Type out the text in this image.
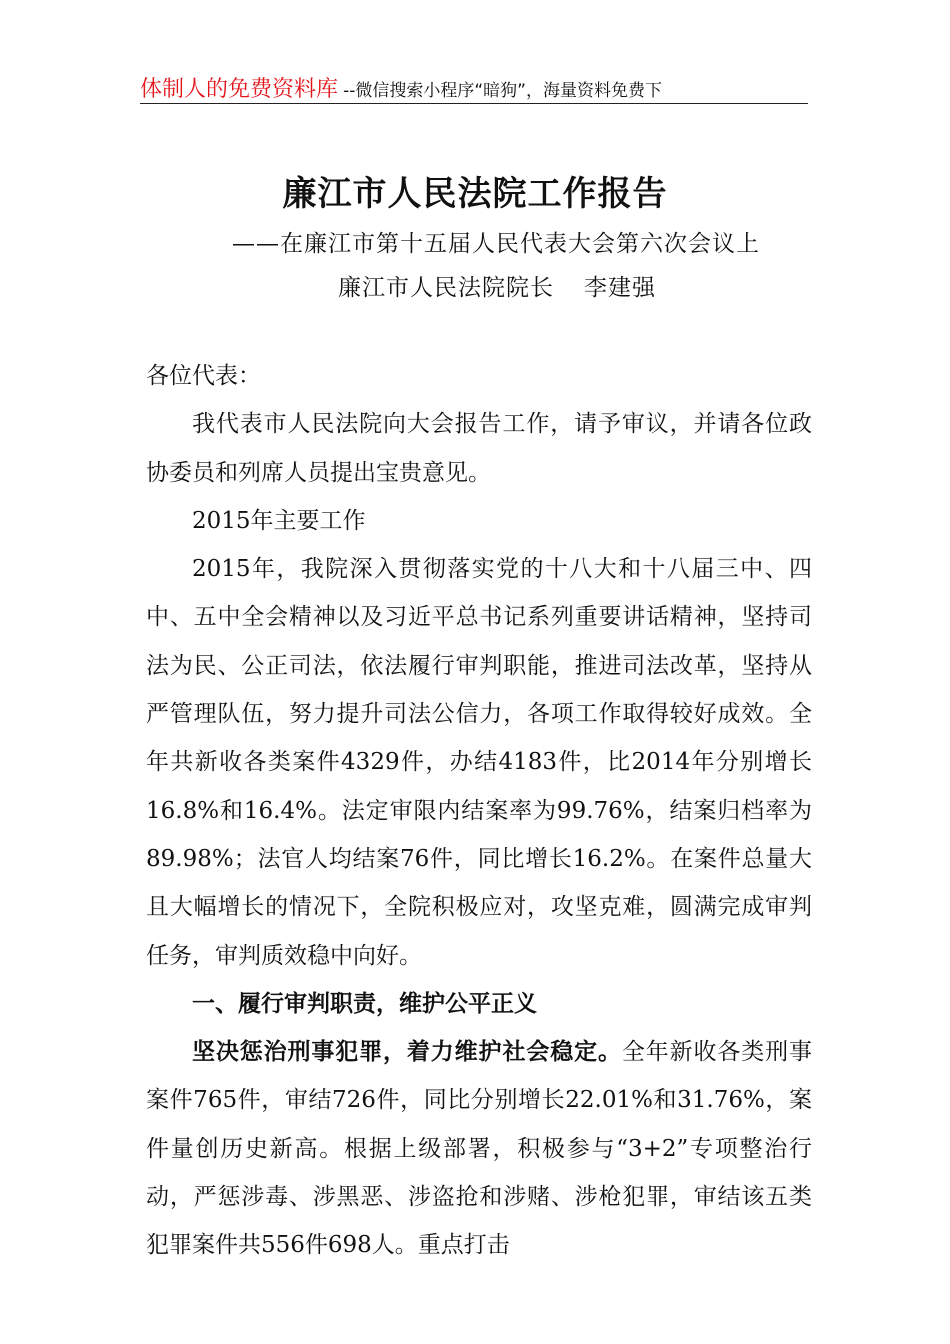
体制人的免费资料库 --微信搜索小程序“暗狗”，海量资料免费下
廉江市人民法院工作报告
——在廉江市第十五届人民代表大会第六次会议上
廉江市人民法院院长 李建强

各位代表：

我代表市人民法院向大会报告工作，请予审议，并请各位政协委员和列席人员提出宝贵意见。

2015年主要工作

2015年，我院深入贯彻落实党的十八大和十八届三中、四中、五中全会精神以及习近平总书记系列重要讲话精神，坚持司法为民、公正司法，依法履行审判职能，推进司法改革，坚持从严管理队伍，努力提升司法公信力，各项工作取得较好成效。全年共新收各类案件4329件，办结4183件，比2014年分别增长16.8%和16.4%。法定审限内结案率为99.76%，结案归档率为89.98%；法官人均结案76件，同比增长16.2%。在案件总量大且大幅增长的情况下，全院积极应对，攻坚克难，圆满完成审判任务，审判质效稳中向好。

一、履行审判职责，维护公平正义

坚决惩治刑事犯罪，着力维护社会稳定。全年新收各类刑事案件765件，审结726件，同比分别增长22.01%和31.76%，案件量创历史新高。根据上级部署，积极参与“3+2”专项整治行动，严惩涉毒、涉黑恶、涉盗抢和涉赌、涉枪犯罪，审结该五类犯罪案件共556件698人。重点打击
